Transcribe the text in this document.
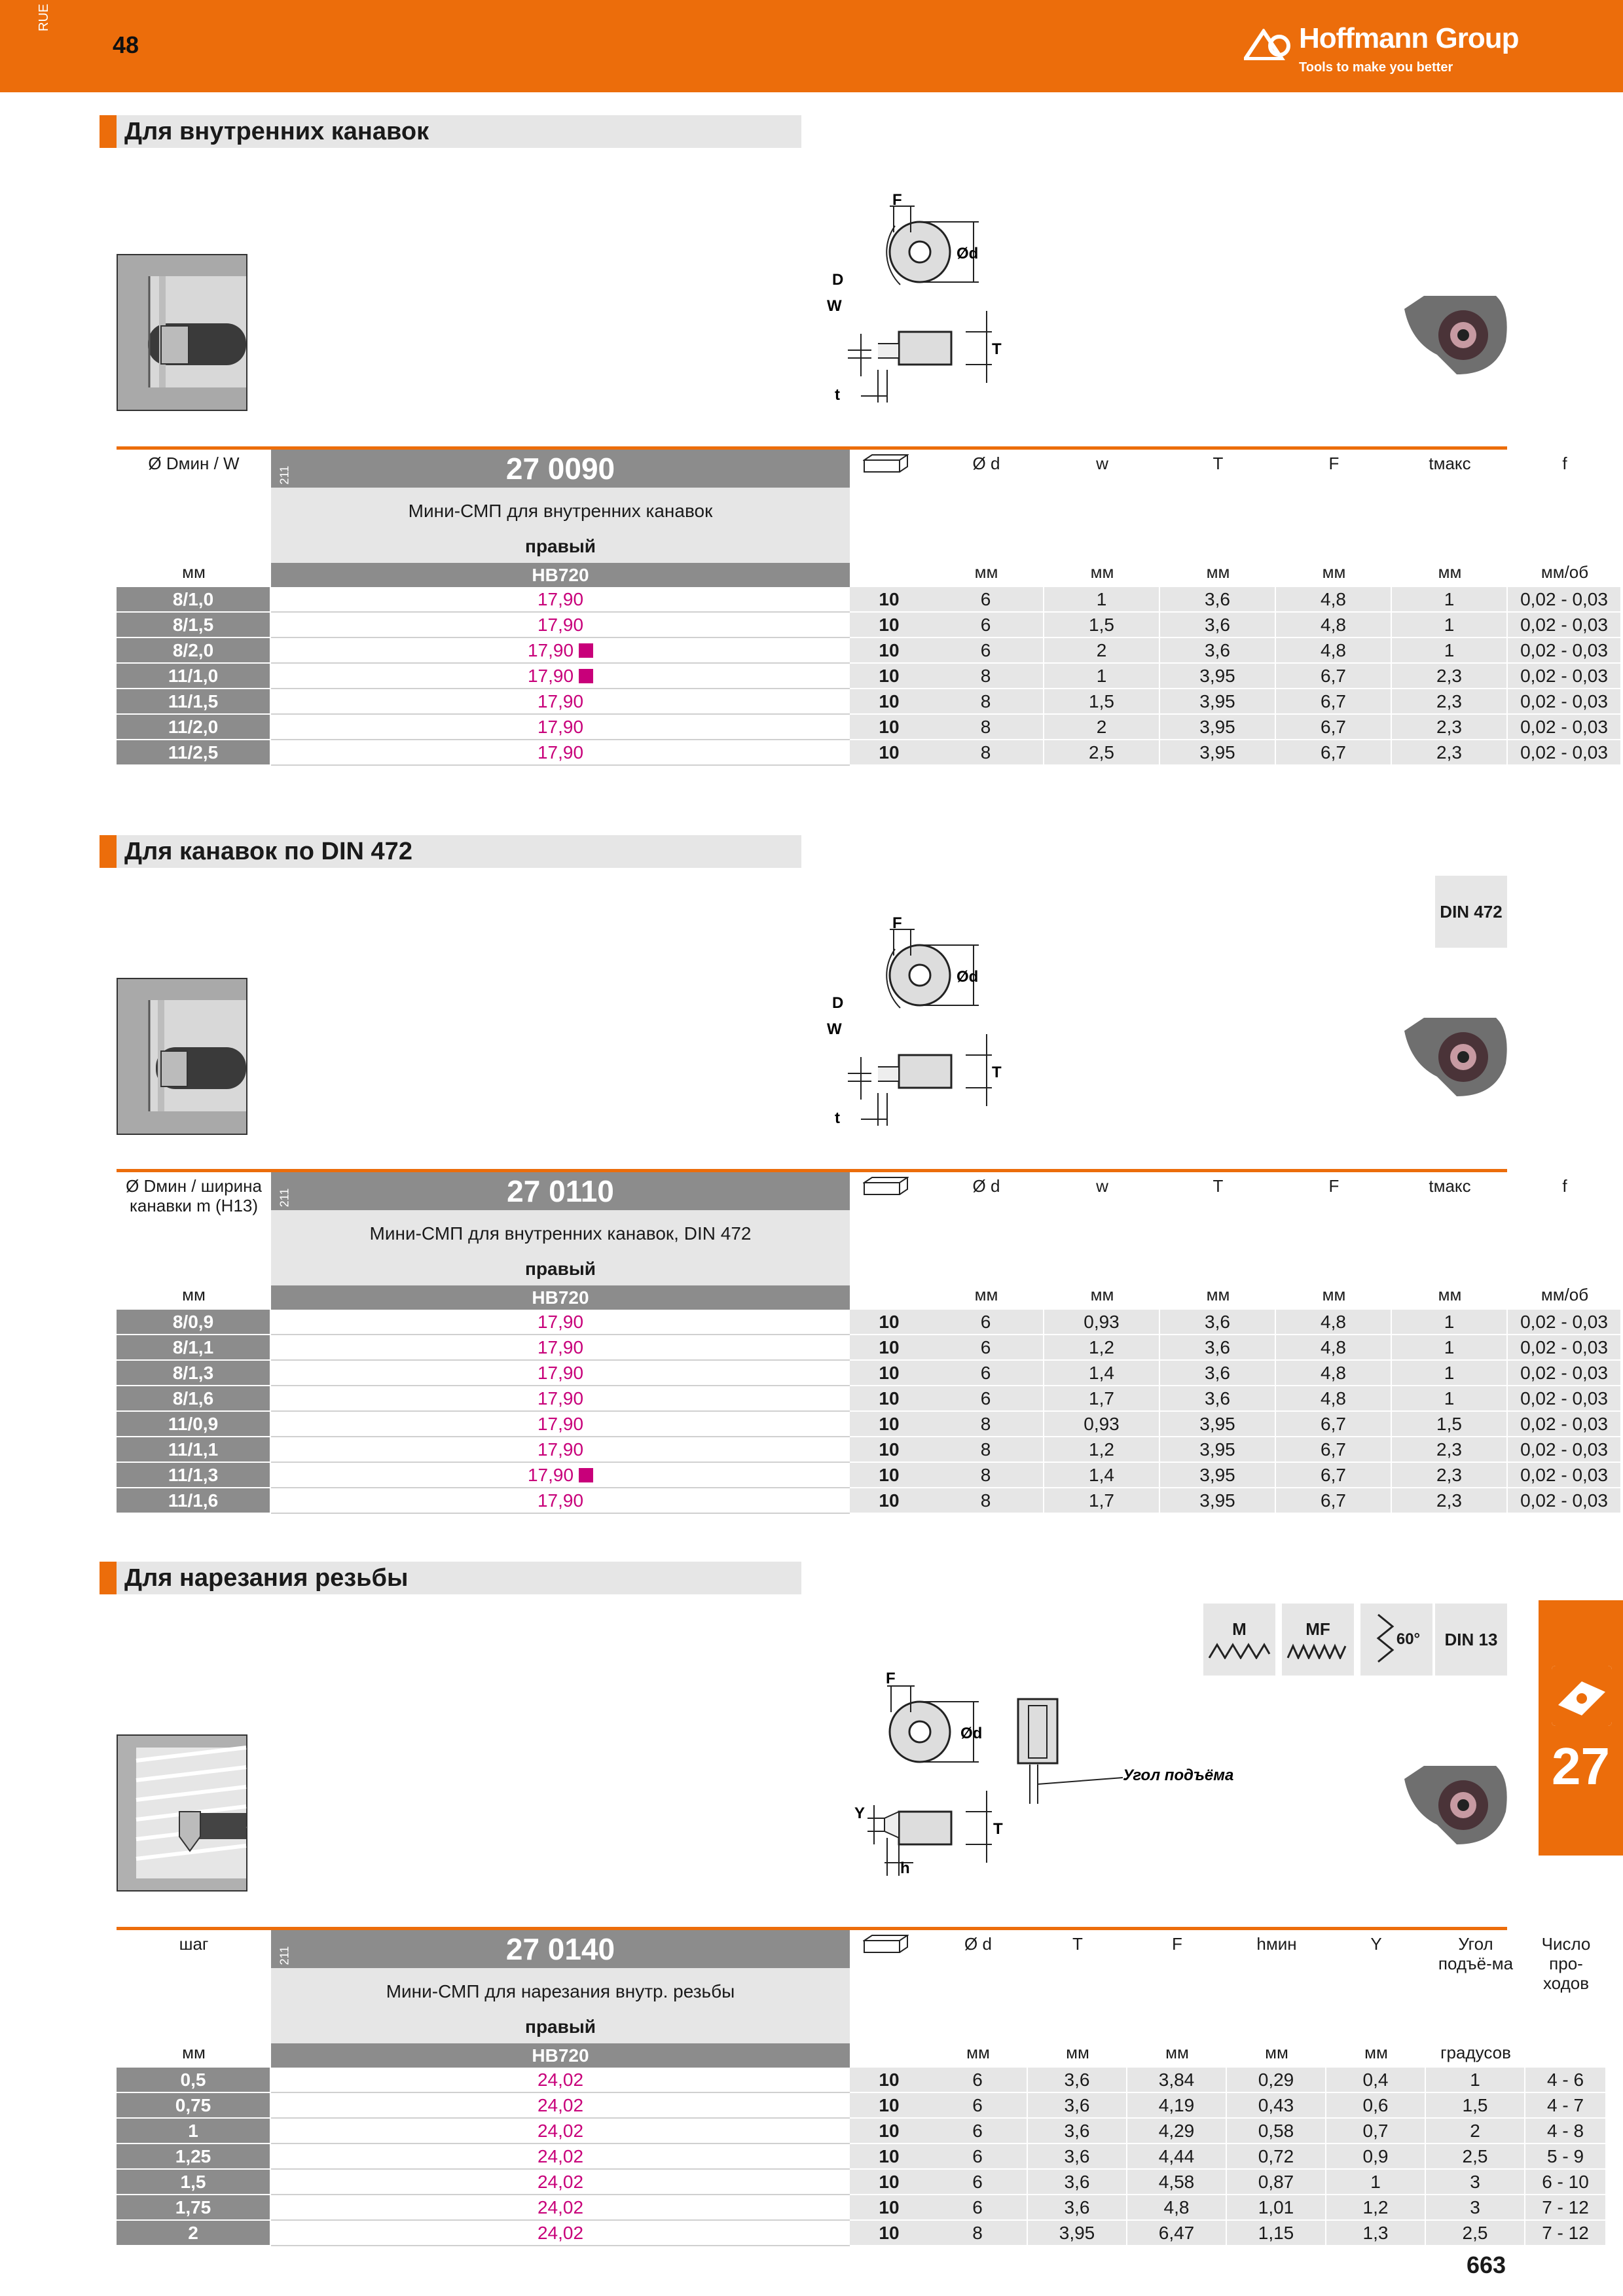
RUE
48	Hoffmann Group
Tools to make you better
Для внутренних канавок
F
Ød
D
W
T
t
Ø Dмин / W
мм
211	27 0090
Мини-СМП для внутренних канавок
правый
HB720
Ø d
мм
w
мм
T
мм
F
мм
tмакс
мм
f
мм/об
8/1,0	17,90	10	6	1	3,6	4,8	1	0,02 - 0,03
8/1,5	17,90	10	6	1,5	3,6	4,8	1	0,02 - 0,03
8/2,0	17,90	10	6	2	3,6	4,8	1	0,02 - 0,03
11/1,0	17,90	10	8	1	3,95	6,7	2,3	0,02 - 0,03
11/1,5	17,90	10	8	1,5	3,95	6,7	2,3	0,02 - 0,03
11/2,0	17,90	10	8	2	3,95	6,7	2,3	0,02 - 0,03
11/2,5	17,90	10	8	2,5	3,95	6,7	2,3	0,02 - 0,03
Для канавок по DIN 472
DIN 472
F
Ød
D
W
T
t
Ø Dмин / ширина канавки m (H13)
мм
211	27 0110
Мини-СМП для внутренних канавок, DIN 472
правый
HB720
Ø d
мм
w
мм
T
мм
F
мм
tмакс
мм
f
мм/об
8/0,9	17,90	10	6	0,93	3,6	4,8	1	0,02 - 0,03
8/1,1	17,90	10	6	1,2	3,6	4,8	1	0,02 - 0,03
8/1,3	17,90	10	6	1,4	3,6	4,8	1	0,02 - 0,03
8/1,6	17,90	10	6	1,7	3,6	4,8	1	0,02 - 0,03
11/0,9	17,90	10	8	0,93	3,95	6,7	1,5	0,02 - 0,03
11/1,1	17,90	10	8	1,2	3,95	6,7	2,3	0,02 - 0,03
11/1,3	17,90	10	8	1,4	3,95	6,7	2,3	0,02 - 0,03
11/1,6	17,90	10	8	1,7	3,95	6,7	2,3	0,02 - 0,03
Для нарезания резьбы
M	MF
60°	DIN 13
F
Ød
Y
T
h
Угол подъёма
шаг
мм
211	27 0140
Мини-СМП для нарезания внутр. резьбы
правый
HB720
Ø d
мм
T
мм
F
мм
hмин
мм
Y
мм
Угол подъё-ма
градусов
Число про-ходов
0,5	24,02	10	6	3,6	3,84	0,29	0,4	1	4 - 6
0,75	24,02	10	6	3,6	4,19	0,43	0,6	1,5	4 - 7
1	24,02	10	6	3,6	4,29	0,58	0,7	2	4 - 8
1,25	24,02	10	6	3,6	4,44	0,72	0,9	2,5	5 - 9
1,5	24,02	10	6	3,6	4,58	0,87	1	3	6 - 10
1,75	24,02	10	6	3,6	4,8	1,01	1,2	3	7 - 12
2	24,02	10	8	3,95	6,47	1,15	1,3	2,5	7 - 12
27
663
